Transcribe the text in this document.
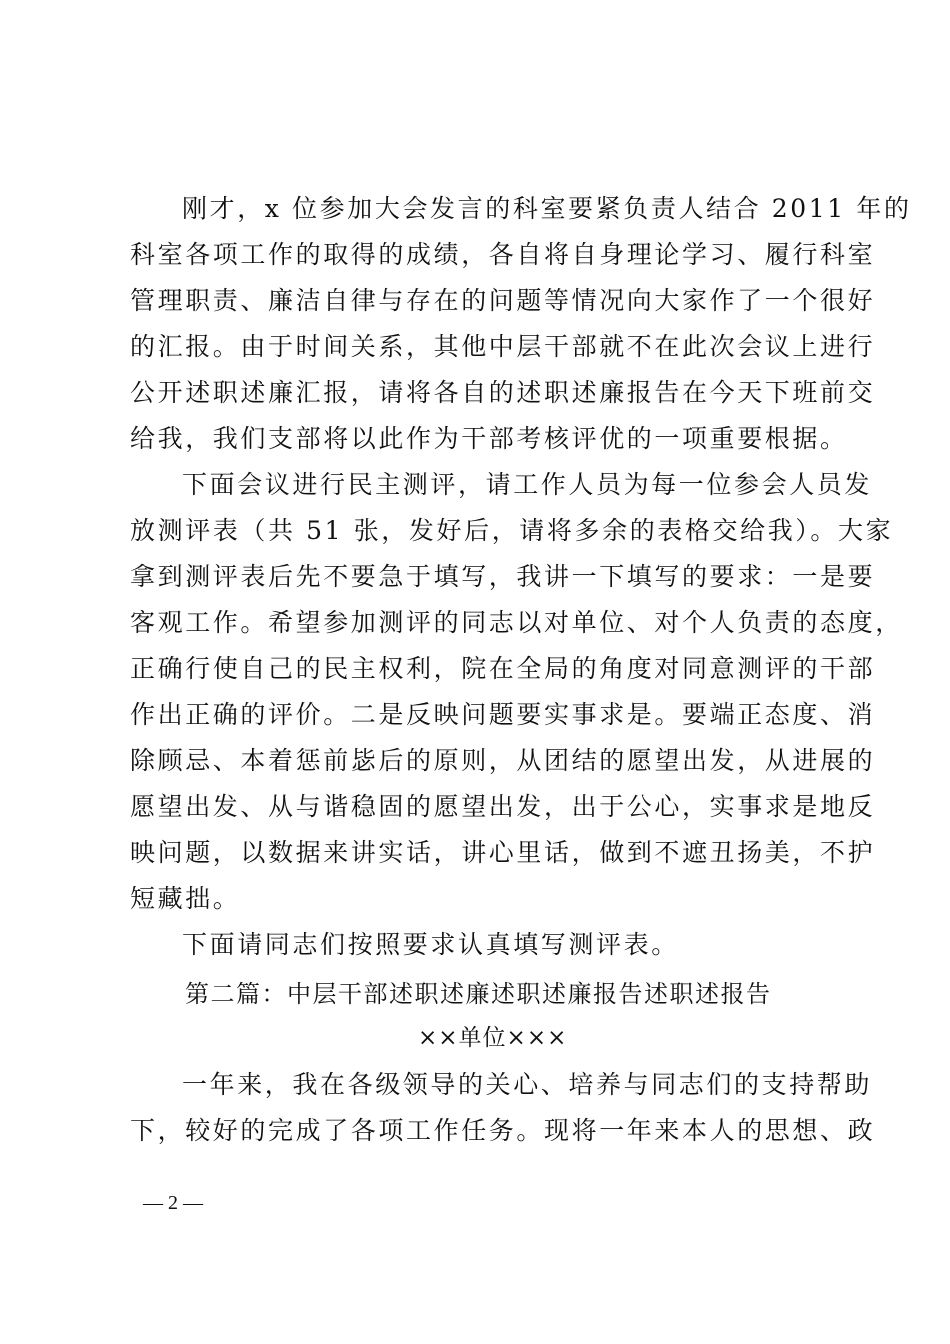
刚才，x 位参加大会发言的科室要紧负责人结合 2011 年的
科室各项工作的取得的成绩，各自将自身理论学习、履行科室
管理职责、廉洁自律与存在的问题等情况向大家作了一个很好
的汇报。由于时间关系，其他中层干部就不在此次会议上进行
公开述职述廉汇报，请将各自的述职述廉报告在今天下班前交
给我，我们支部将以此作为干部考核评优的一项重要根据。
下面会议进行民主测评，请工作人员为每一位参会人员发
放测评表（共 51 张，发好后，请将多余的表格交给我）。大家
拿到测评表后先不要急于填写，我讲一下填写的要求：一是要
客观工作。希望参加测评的同志以对单位、对个人负责的态度，
正确行使自己的民主权利，院在全局的角度对同意测评的干部
作出正确的评价。二是反映问题要实事求是。要端正态度、消
除顾忌、本着惩前毖后的原则，从团结的愿望出发，从进展的
愿望出发、从与谐稳固的愿望出发，出于公心，实事求是地反
映问题，以数据来讲实话，讲心里话，做到不遮丑扬美，不护
短藏拙。
下面请同志们按照要求认真填写测评表。
第二篇：中层干部述职述廉述职述廉报告述职述报告
××单位×××
一年来，我在各级领导的关心、培养与同志们的支持帮助
下，较好的完成了各项工作任务。现将一年来本人的思想、政
— 2 —
